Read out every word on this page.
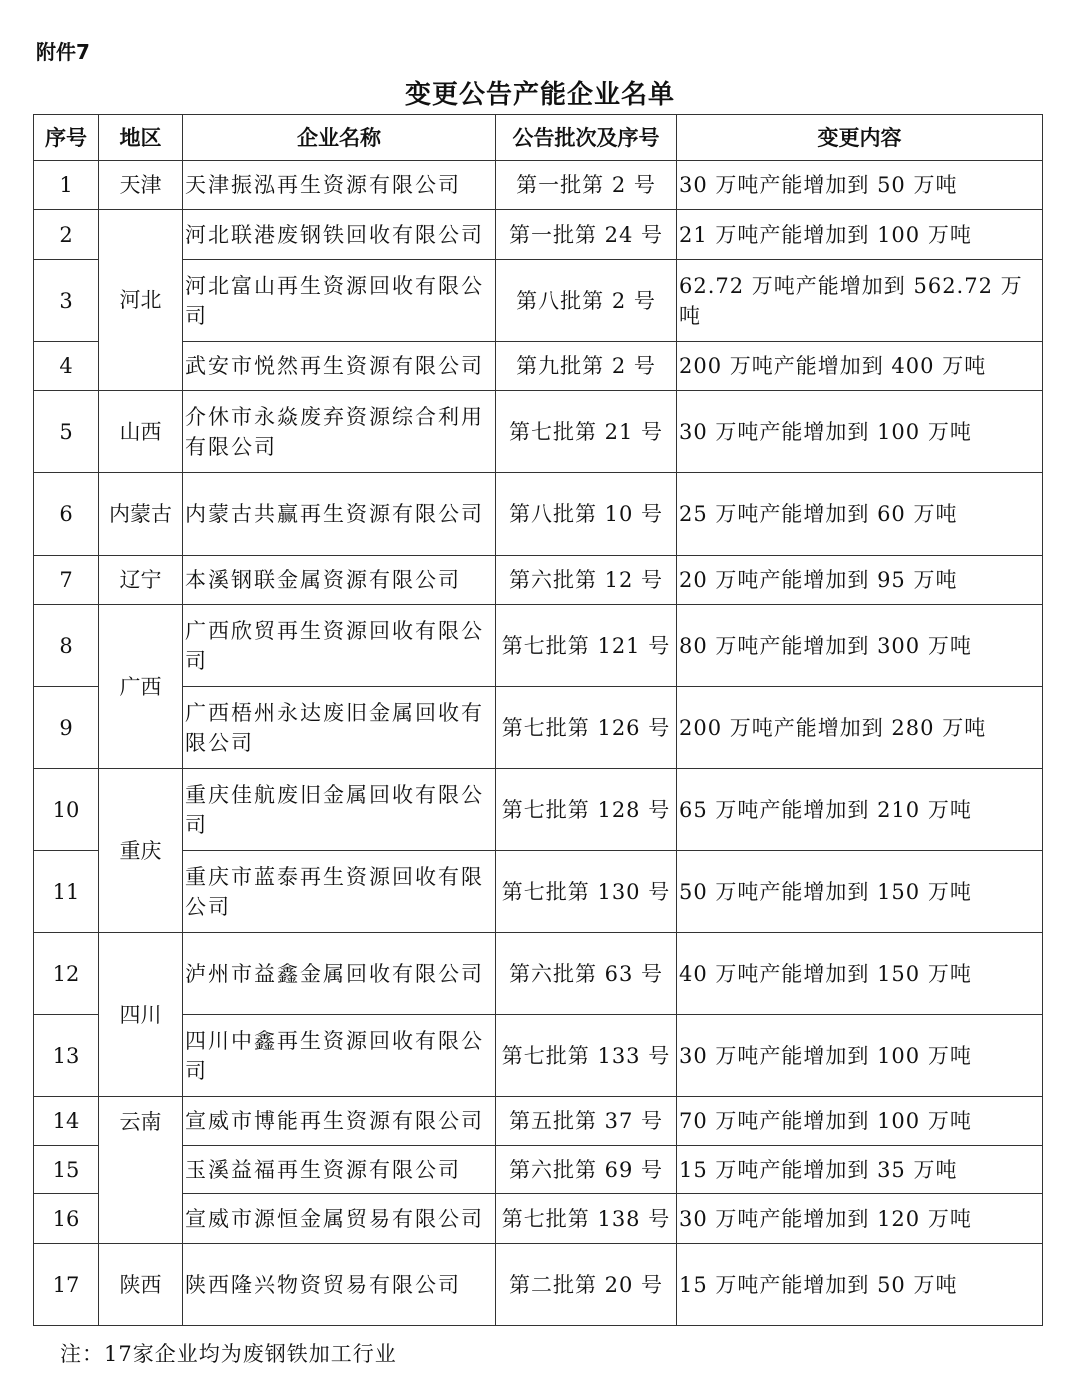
附件7
变更公告产能企业名单
序号	地区	企业名称	公告批次及序号	变更内容
1	天津	天津振泓再生资源有限公司	第一批第 2 号	30 万吨产能增加到 50 万吨
2	河北	河北联港废钢铁回收有限公司	第一批第 24 号	21 万吨产能增加到 100 万吨
3		河北富山再生资源回收有限公司	第八批第 2 号	62.72 万吨产能增加到 562.72 万吨
4		武安市悦然再生资源有限公司	第九批第 2 号	200 万吨产能增加到 400 万吨
5	山西	介休市永焱废弃资源综合利用有限公司	第七批第 21 号	30 万吨产能增加到 100 万吨
6	内蒙古	内蒙古共赢再生资源有限公司	第八批第 10 号	25 万吨产能增加到 60 万吨
7	辽宁	本溪钢联金属资源有限公司	第六批第 12 号	20 万吨产能增加到 95 万吨
8	广西	广西欣贸再生资源回收有限公司	第七批第 121 号	80 万吨产能增加到 300 万吨
9		广西梧州永达废旧金属回收有限公司	第七批第 126 号	200 万吨产能增加到 280 万吨
10	重庆	重庆佳航废旧金属回收有限公司	第七批第 128 号	65 万吨产能增加到 210 万吨
11		重庆市蓝泰再生资源回收有限公司	第七批第 130 号	50 万吨产能增加到 150 万吨
12	四川	泸州市益鑫金属回收有限公司	第六批第 63 号	40 万吨产能增加到 150 万吨
13		四川中鑫再生资源回收有限公司	第七批第 133 号	30 万吨产能增加到 100 万吨
14	云南	宣威市博能再生资源有限公司	第五批第 37 号	70 万吨产能增加到 100 万吨
15		玉溪益福再生资源有限公司	第六批第 69 号	15 万吨产能增加到 35 万吨
16		宣威市源恒金属贸易有限公司	第七批第 138 号	30 万吨产能增加到 120 万吨
17	陕西	陕西隆兴物资贸易有限公司	第二批第 20 号	15 万吨产能增加到 50 万吨
注：17家企业均为废钢铁加工行业
